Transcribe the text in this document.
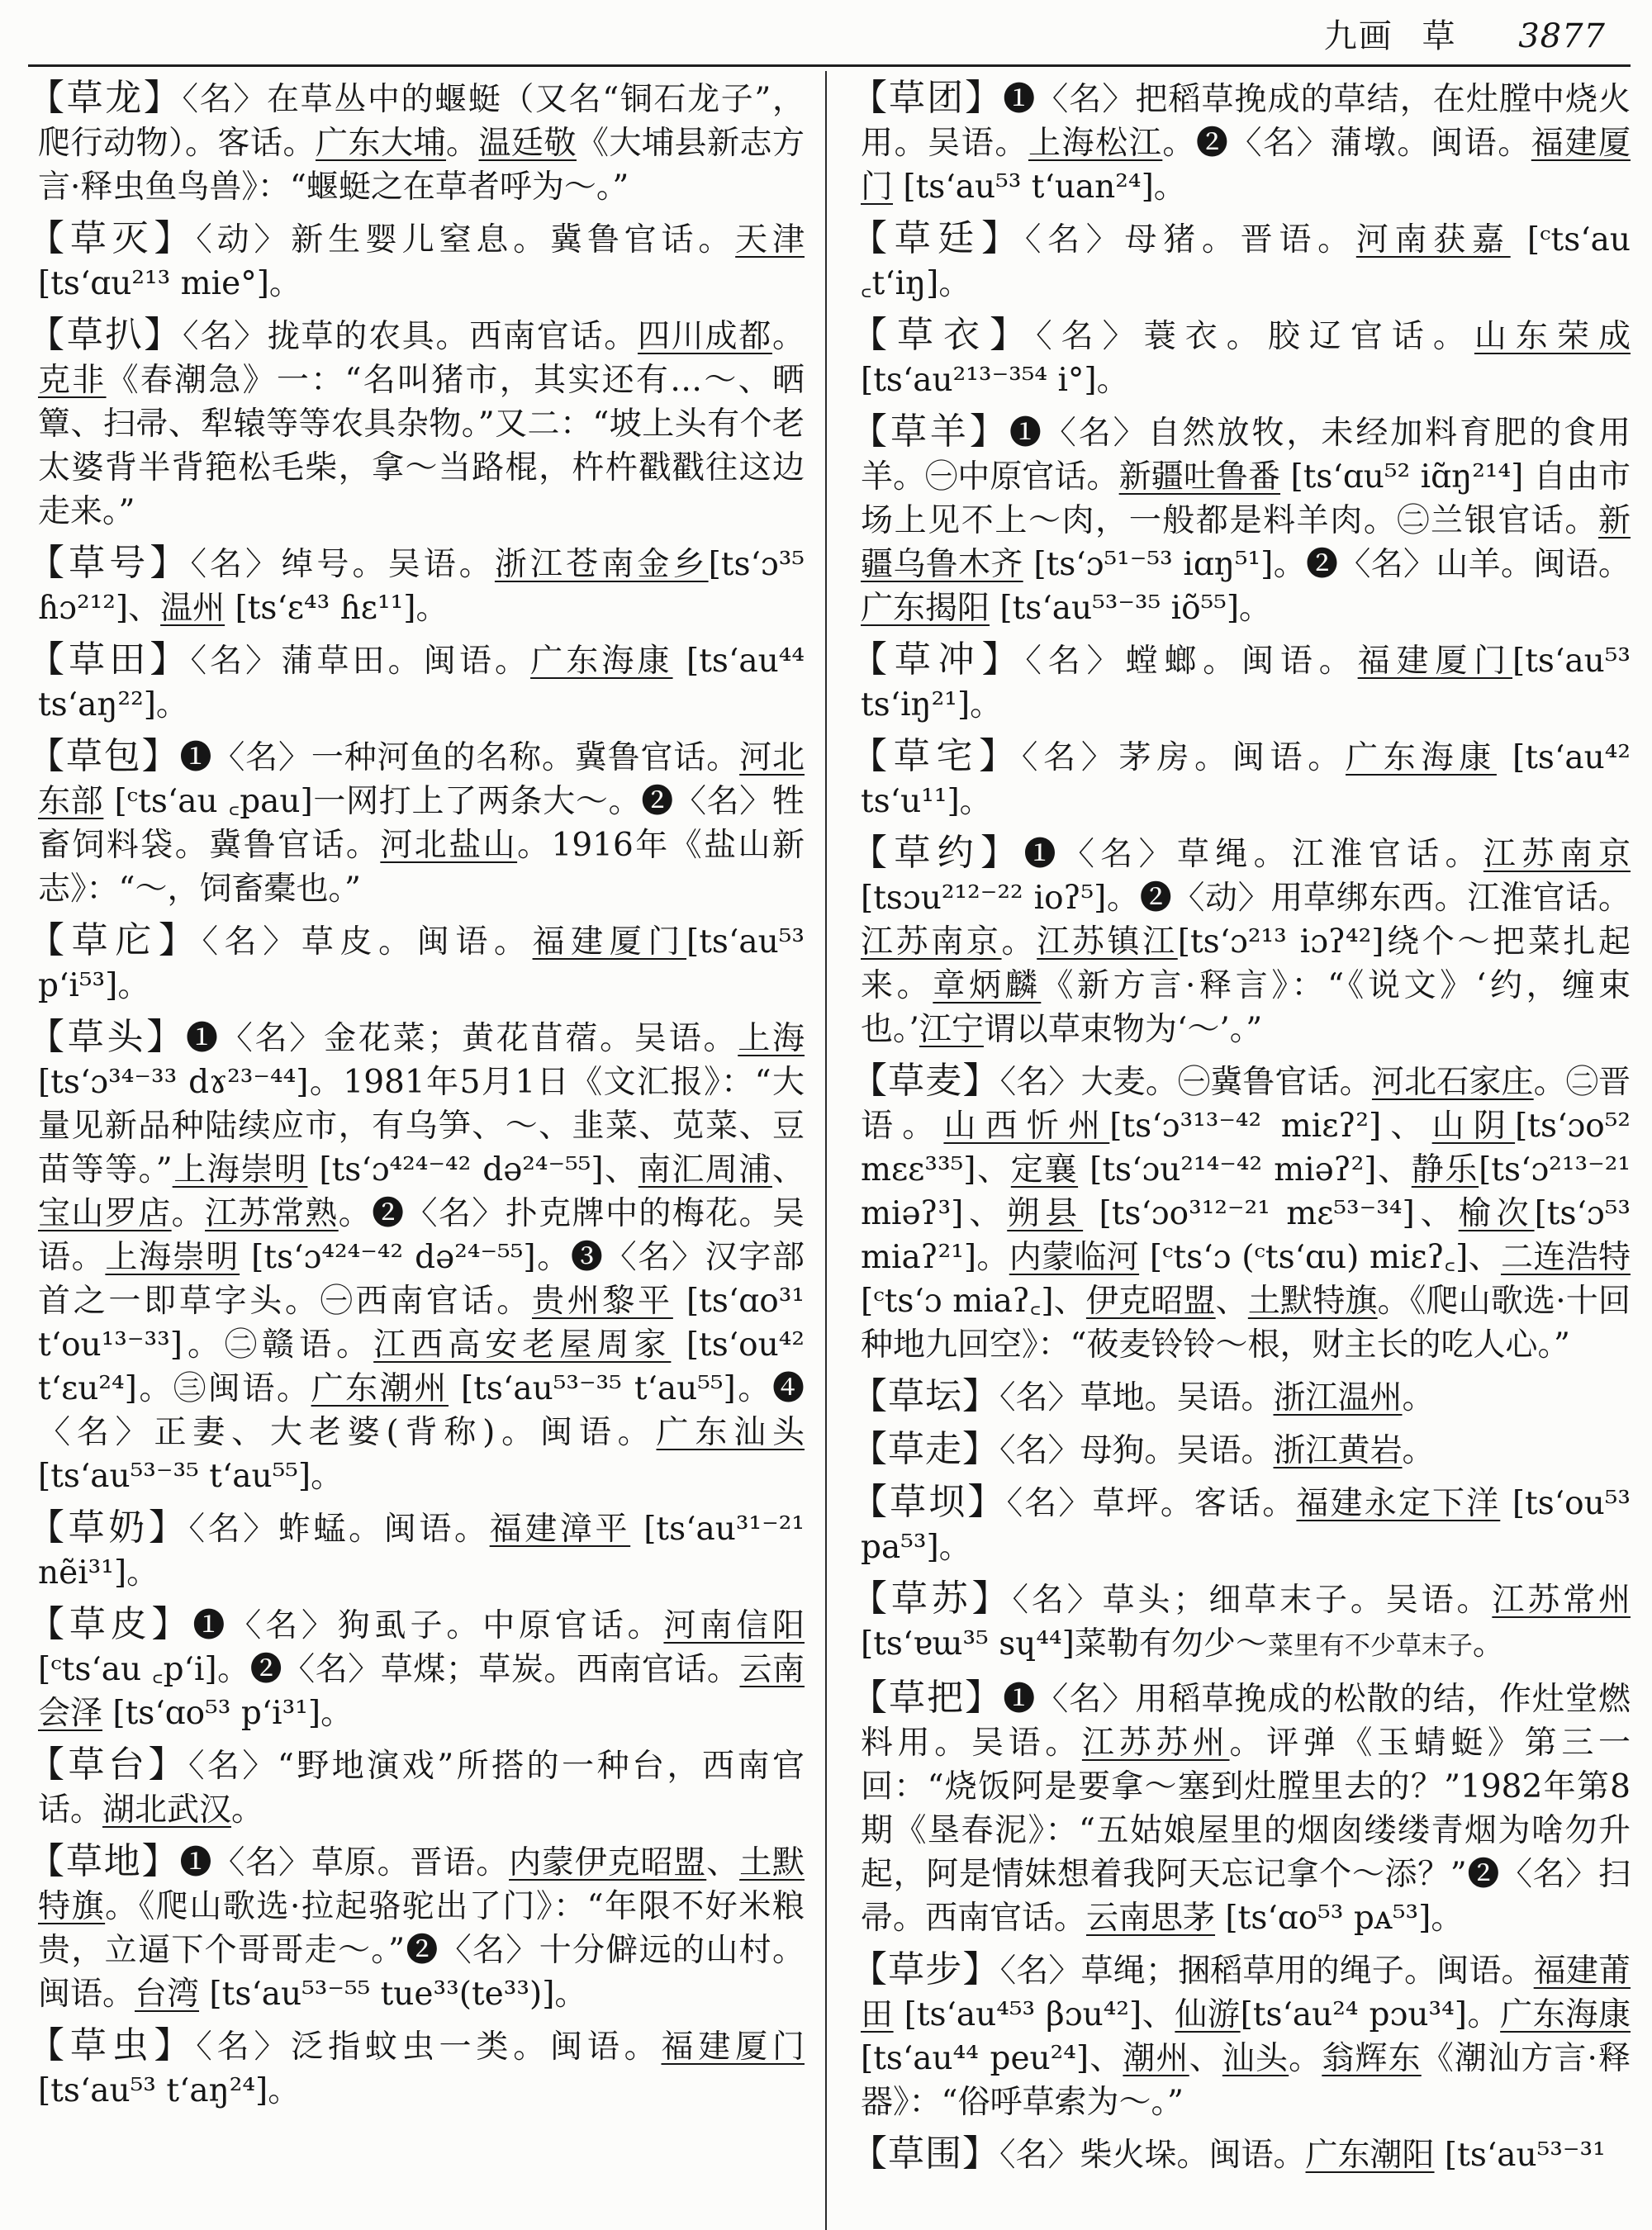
九画 草 3877

【草龙】〈名〉在草丛中的蝘蜓（又名“铜石龙子”，爬行动物）。客话。广东大埔。温廷敬《大埔县新志方言·释虫鱼鸟兽》：“蝘蜓之在草者呼为～。”

【草灭】〈动〉新生婴儿窒息。冀鲁官话。天津 [tsʻɑu²¹³ mie°]。

【草扒】〈名〉拢草的农具。西南官话。四川成都。克非《春潮急》一：“名叫猪市，其实还有…～、晒簟、扫帚、犁辕等等农具杂物。”又二：“坡上头有个老太婆背半背筢松毛柴，拿～当路棍，杵杵戳戳往这边走来。”

【草号】〈名〉绰号。吴语。浙江苍南金乡[tsʻɔ³⁵ ɦɔ²¹²]、温州 [tsʻɛ⁴³ ɦɛ¹¹]。

【草田】〈名〉蒲草田。闽语。广东海康 [tsʻau⁴⁴ tsʻaŋ²²]。

【草包】❶〈名〉一种河鱼的名称。冀鲁官话。河北东部 [ᶜtsʻau ꜀pau]一网打上了两条大～。❷〈名〉牲畜饲料袋。冀鲁官话。河北盐山。1916年《盐山新志》：“～，饲畜橐也。”

【草庀】〈名〉草皮。闽语。福建厦门[tsʻau⁵³ pʻi⁵³]。

【草头】❶〈名〉金花菜；黄花苜蓿。吴语。上海[tsʻɔ³⁴⁻³³ dɤ²³⁻⁴⁴]。1981年5月1日《文汇报》：“大量见新品种陆续应市，有乌笋、～、韭菜、苋菜、豆苗等等。”上海崇明 [tsʻɔ⁴²⁴⁻⁴² də²⁴⁻⁵⁵]、南汇周浦、宝山罗店。江苏常熟。❷〈名〉扑克牌中的梅花。吴语。上海崇明 [tsʻɔ⁴²⁴⁻⁴² də²⁴⁻⁵⁵]。❸〈名〉汉字部首之一即草字头。㊀西南官话。贵州黎平 [tsʻɑo³¹ tʻou¹³⁻³³]。㊁赣语。江西高安老屋周家 [tsʻou⁴² tʻɛu²⁴]。㊂闽语。广东潮州 [tsʻau⁵³⁻³⁵ tʻau⁵⁵]。❹〈名〉正妻、大老婆(背称)。闽语。广东汕头 [tsʻau⁵³⁻³⁵ tʻau⁵⁵]。

【草奶】〈名〉蚱蜢。闽语。福建漳平 [tsʻau³¹⁻²¹ nẽi³¹]。

【草皮】❶〈名〉狗虱子。中原官话。河南信阳 [ᶜtsʻau ꜀pʻi]。❷〈名〉草煤；草炭。西南官话。云南会泽 [tsʻɑo⁵³ pʻi³¹]。

【草台】〈名〉“野地演戏”所搭的一种台，西南官话。湖北武汉。

【草地】❶〈名〉草原。晋语。内蒙伊克昭盟、土默特旗。《爬山歌选·拉起骆驼出了门》：“年限不好米粮贵，立逼下个哥哥走～。”❷〈名〉十分僻远的山村。闽语。台湾 [tsʻau⁵³⁻⁵⁵ tue³³(te³³)]。

【草虫】〈名〉泛指蚊虫一类。闽语。福建厦门[tsʻau⁵³ tʻaŋ²⁴]。

【草团】❶〈名〉把稻草挽成的草结，在灶膛中烧火用。吴语。上海松江。❷〈名〉蒲墩。闽语。福建厦门 [tsʻau⁵³ tʻuan²⁴]。

【草廷】〈名〉母猪。晋语。河南获嘉 [ᶜtsʻau ꜀tʻiŋ]。

【草衣】〈名〉蓑衣。胶辽官话。山东荣成 [tsʻau²¹³⁻³⁵⁴ i°]。

【草羊】❶〈名〉自然放牧，未经加料育肥的食用羊。㊀中原官话。新疆吐鲁番 [tsʻɑu⁵² iɑ̃ŋ²¹⁴] 自由市场上见不上～肉，一般都是料羊肉。㊁兰银官话。新疆乌鲁木齐 [tsʻɔ⁵¹⁻⁵³ iɑŋ⁵¹]。❷〈名〉山羊。闽语。广东揭阳 [tsʻau⁵³⁻³⁵ iõ⁵⁵]。

【草冲】〈名〉螳螂。闽语。福建厦门[tsʻau⁵³ tsʻiŋ²¹]。

【草宅】〈名〉茅房。闽语。广东海康 [tsʻau⁴² tsʻu¹¹]。

【草约】❶〈名〉草绳。江淮官话。江苏南京 [tsɔu²¹²⁻²² ioʔ⁵]。❷〈动〉用草绑东西。江淮官话。江苏南京。江苏镇江[tsʻɔ²¹³ iɔʔ⁴²]绕个～把菜扎起来。章炳麟《新方言·释言》：“《说文》‘约，缠束也。’江宁谓以草束物为‘～’。”

【草麦】〈名〉大麦。㊀冀鲁官话。河北石家庄。㊁晋语。山西忻州[tsʻɔ³¹³⁻⁴² miɛʔ²]、山阴[tsʻɔo⁵² mɛɛ³³⁵]、定襄 [tsʻɔu²¹⁴⁻⁴² miəʔ²]、静乐[tsʻɔ²¹³⁻²¹ miəʔ³]、朔县 [tsʻɔo³¹²⁻²¹ mɛ⁵³⁻³⁴]、榆次[tsʻɔ⁵³ miaʔ²¹]。内蒙临河 [ᶜtsʻɔ (ᶜtsʻɑu) miɛʔ꜀]、二连浩特 [ᶜtsʻɔ miaʔ꜀]、伊克昭盟、土默特旗。《爬山歌选·十回种地九回空》：“莜麦铃铃～根，财主长的吃人心。”

【草坛】〈名〉草地。吴语。浙江温州。

【草走】〈名〉母狗。吴语。浙江黄岩。

【草坝】〈名〉草坪。客话。福建永定下洋 [tsʻou⁵³ pa⁵³]。

【草苏】〈名〉草头；细草末子。吴语。江苏常州[tsʻɐɯ³⁵ sɥ⁴⁴]菜勒有勿少～菜里有不少草末子。

【草把】❶〈名〉用稻草挽成的松散的结，作灶堂燃料用。吴语。江苏苏州。评弹《玉蜻蜓》第三一回：“烧饭阿是要拿～塞到灶膛里去的？”1982年第8期《垦春泥》：“五姑娘屋里的烟囱缕缕青烟为啥勿升起，阿是情妹想着我阿天忘记拿个～添？”❷〈名〉扫帚。西南官话。云南思茅 [tsʻɑo⁵³ pᴀ⁵³]。

【草步】〈名〉草绳；捆稻草用的绳子。闽语。福建莆田 [tsʻau⁴⁵³ βɔu⁴²]、仙游[tsʻau²⁴ pɔu³⁴]。广东海康 [tsʻau⁴⁴ peu²⁴]、潮州、汕头。翁辉东《潮汕方言·释器》：“俗呼草索为～。”

【草围】〈名〉柴火垛。闽语。广东潮阳 [tsʻau⁵³⁻³¹
